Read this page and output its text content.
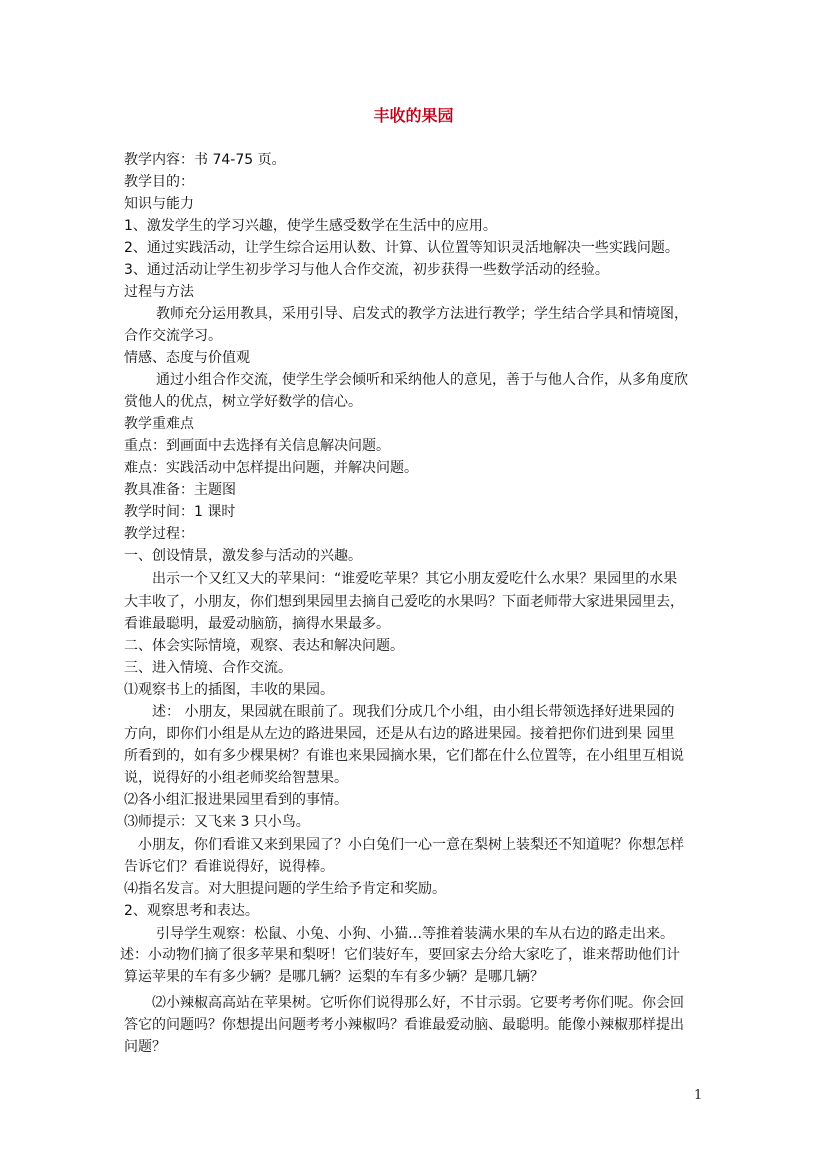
丰收的果园
教学内容：书 74-75 页。
教学目的：
知识与能力
1、激发学生的学习兴趣，使学生感受数学在生活中的应用。
2、通过实践活动，让学生综合运用认数、计算、认位置等知识灵活地解决一些实践问题。
3、通过活动让学生初步学习与他人合作交流，初步获得一些数学活动的经验。
过程与方法
教师充分运用教具，采用引导、启发式的教学方法进行教学；学生结合学具和情境图，
合作交流学习。
情感、态度与价值观
通过小组合作交流，使学生学会倾听和采纳他人的意见，善于与他人合作，从多角度欣
赏他人的优点，树立学好数学的信心。
教学重难点
重点：到画面中去选择有关信息解决问题。
难点：实践活动中怎样提出问题，并解决问题。
教具准备：主题图
教学时间：1 课时
教学过程：
一、创设情景，激发参与活动的兴趣。
出示一个又红又大的苹果问：“谁爱吃苹果？其它小朋友爱吃什么水果？果园里的水果
大丰收了，小朋友，你们想到果园里去摘自己爱吃的水果吗？下面老师带大家进果园里去，
看谁最聪明，最爱动脑筋，摘得水果最多。
二、体会实际情境，观察、表达和解决问题。
三、进入情境、合作交流。
⑴观察书上的插图，丰收的果园。
述： 小朋友，果园就在眼前了。现我们分成几个小组，由小组长带领选择好进果园的
方向，即你们小组是从左边的路进果园，还是从右边的路进果园。接着把你们进到果 园里
所看到的，如有多少棵果树？有谁也来果园摘水果，它们都在什么位置等，在小组里互相说
说，说得好的小组老师奖给智慧果。
⑵各小组汇报进果园里看到的事情。
⑶师提示：又飞来 3 只小鸟。
小朋友，你们看谁又来到果园了？小白兔们一心一意在梨树上装梨还不知道呢？你想怎样
告诉它们？看谁说得好，说得棒。
⑷指名发言。对大胆提问题的学生给予肯定和奖励。
2、观察思考和表达。
引导学生观察：松鼠、小兔、小狗、小猫…等推着装满水果的车从右边的路走出来。
述：小动物们摘了很多苹果和梨呀！它们装好车，要回家去分给大家吃了，谁来帮助他们计
算运苹果的车有多少辆？是哪几辆？运梨的车有多少辆？是哪几辆？
⑵小辣椒高高站在苹果树。它听你们说得那么好，不甘示弱。它要考考你们呢。你会回
答它的问题吗？你想提出问题考考小辣椒吗？看谁最爱动脑、最聪明。能像小辣椒那样提出
问题？
1
